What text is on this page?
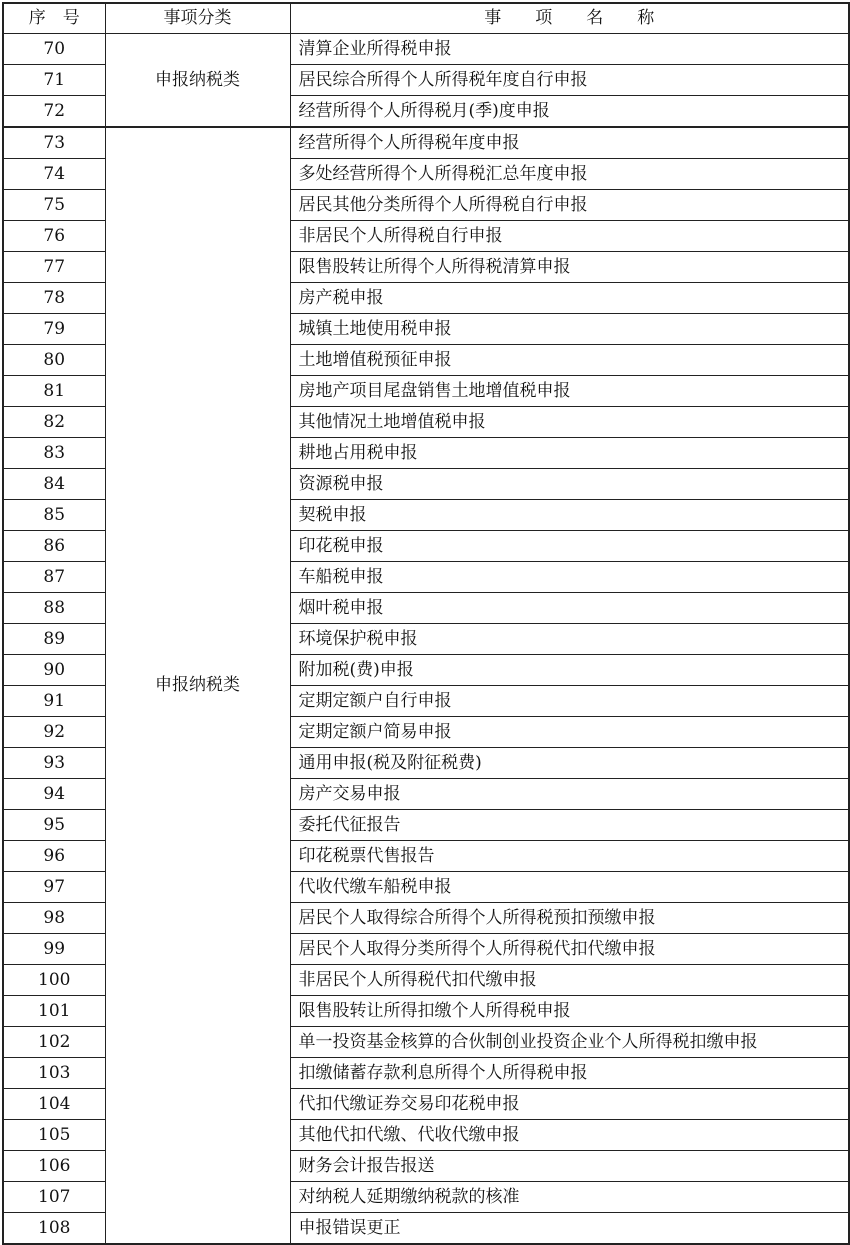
序　号	事项分类	事　　项　　名　　称
70	申报纳税类	清算企业所得税申报
71		居民综合所得个人所得税年度自行申报
72		经营所得个人所得税月(季)度申报
73	申报纳税类	经营所得个人所得税年度申报
74		多处经营所得个人所得税汇总年度申报
75		居民其他分类所得个人所得税自行申报
76		非居民个人所得税自行申报
77		限售股转让所得个人所得税清算申报
78		房产税申报
79		城镇土地使用税申报
80		土地增值税预征申报
81		房地产项目尾盘销售土地增值税申报
82		其他情况土地增值税申报
83		耕地占用税申报
84		资源税申报
85		契税申报
86		印花税申报
87		车船税申报
88		烟叶税申报
89		环境保护税申报
90		附加税(费)申报
91		定期定额户自行申报
92		定期定额户简易申报
93		通用申报(税及附征税费)
94		房产交易申报
95		委托代征报告
96		印花税票代售报告
97		代收代缴车船税申报
98		居民个人取得综合所得个人所得税预扣预缴申报
99		居民个人取得分类所得个人所得税代扣代缴申报
100		非居民个人所得税代扣代缴申报
101		限售股转让所得扣缴个人所得税申报
102		单一投资基金核算的合伙制创业投资企业个人所得税扣缴申报
103		扣缴储蓄存款利息所得个人所得税申报
104		代扣代缴证券交易印花税申报
105		其他代扣代缴、代收代缴申报
106		财务会计报告报送
107		对纳税人延期缴纳税款的核准
108		申报错误更正
